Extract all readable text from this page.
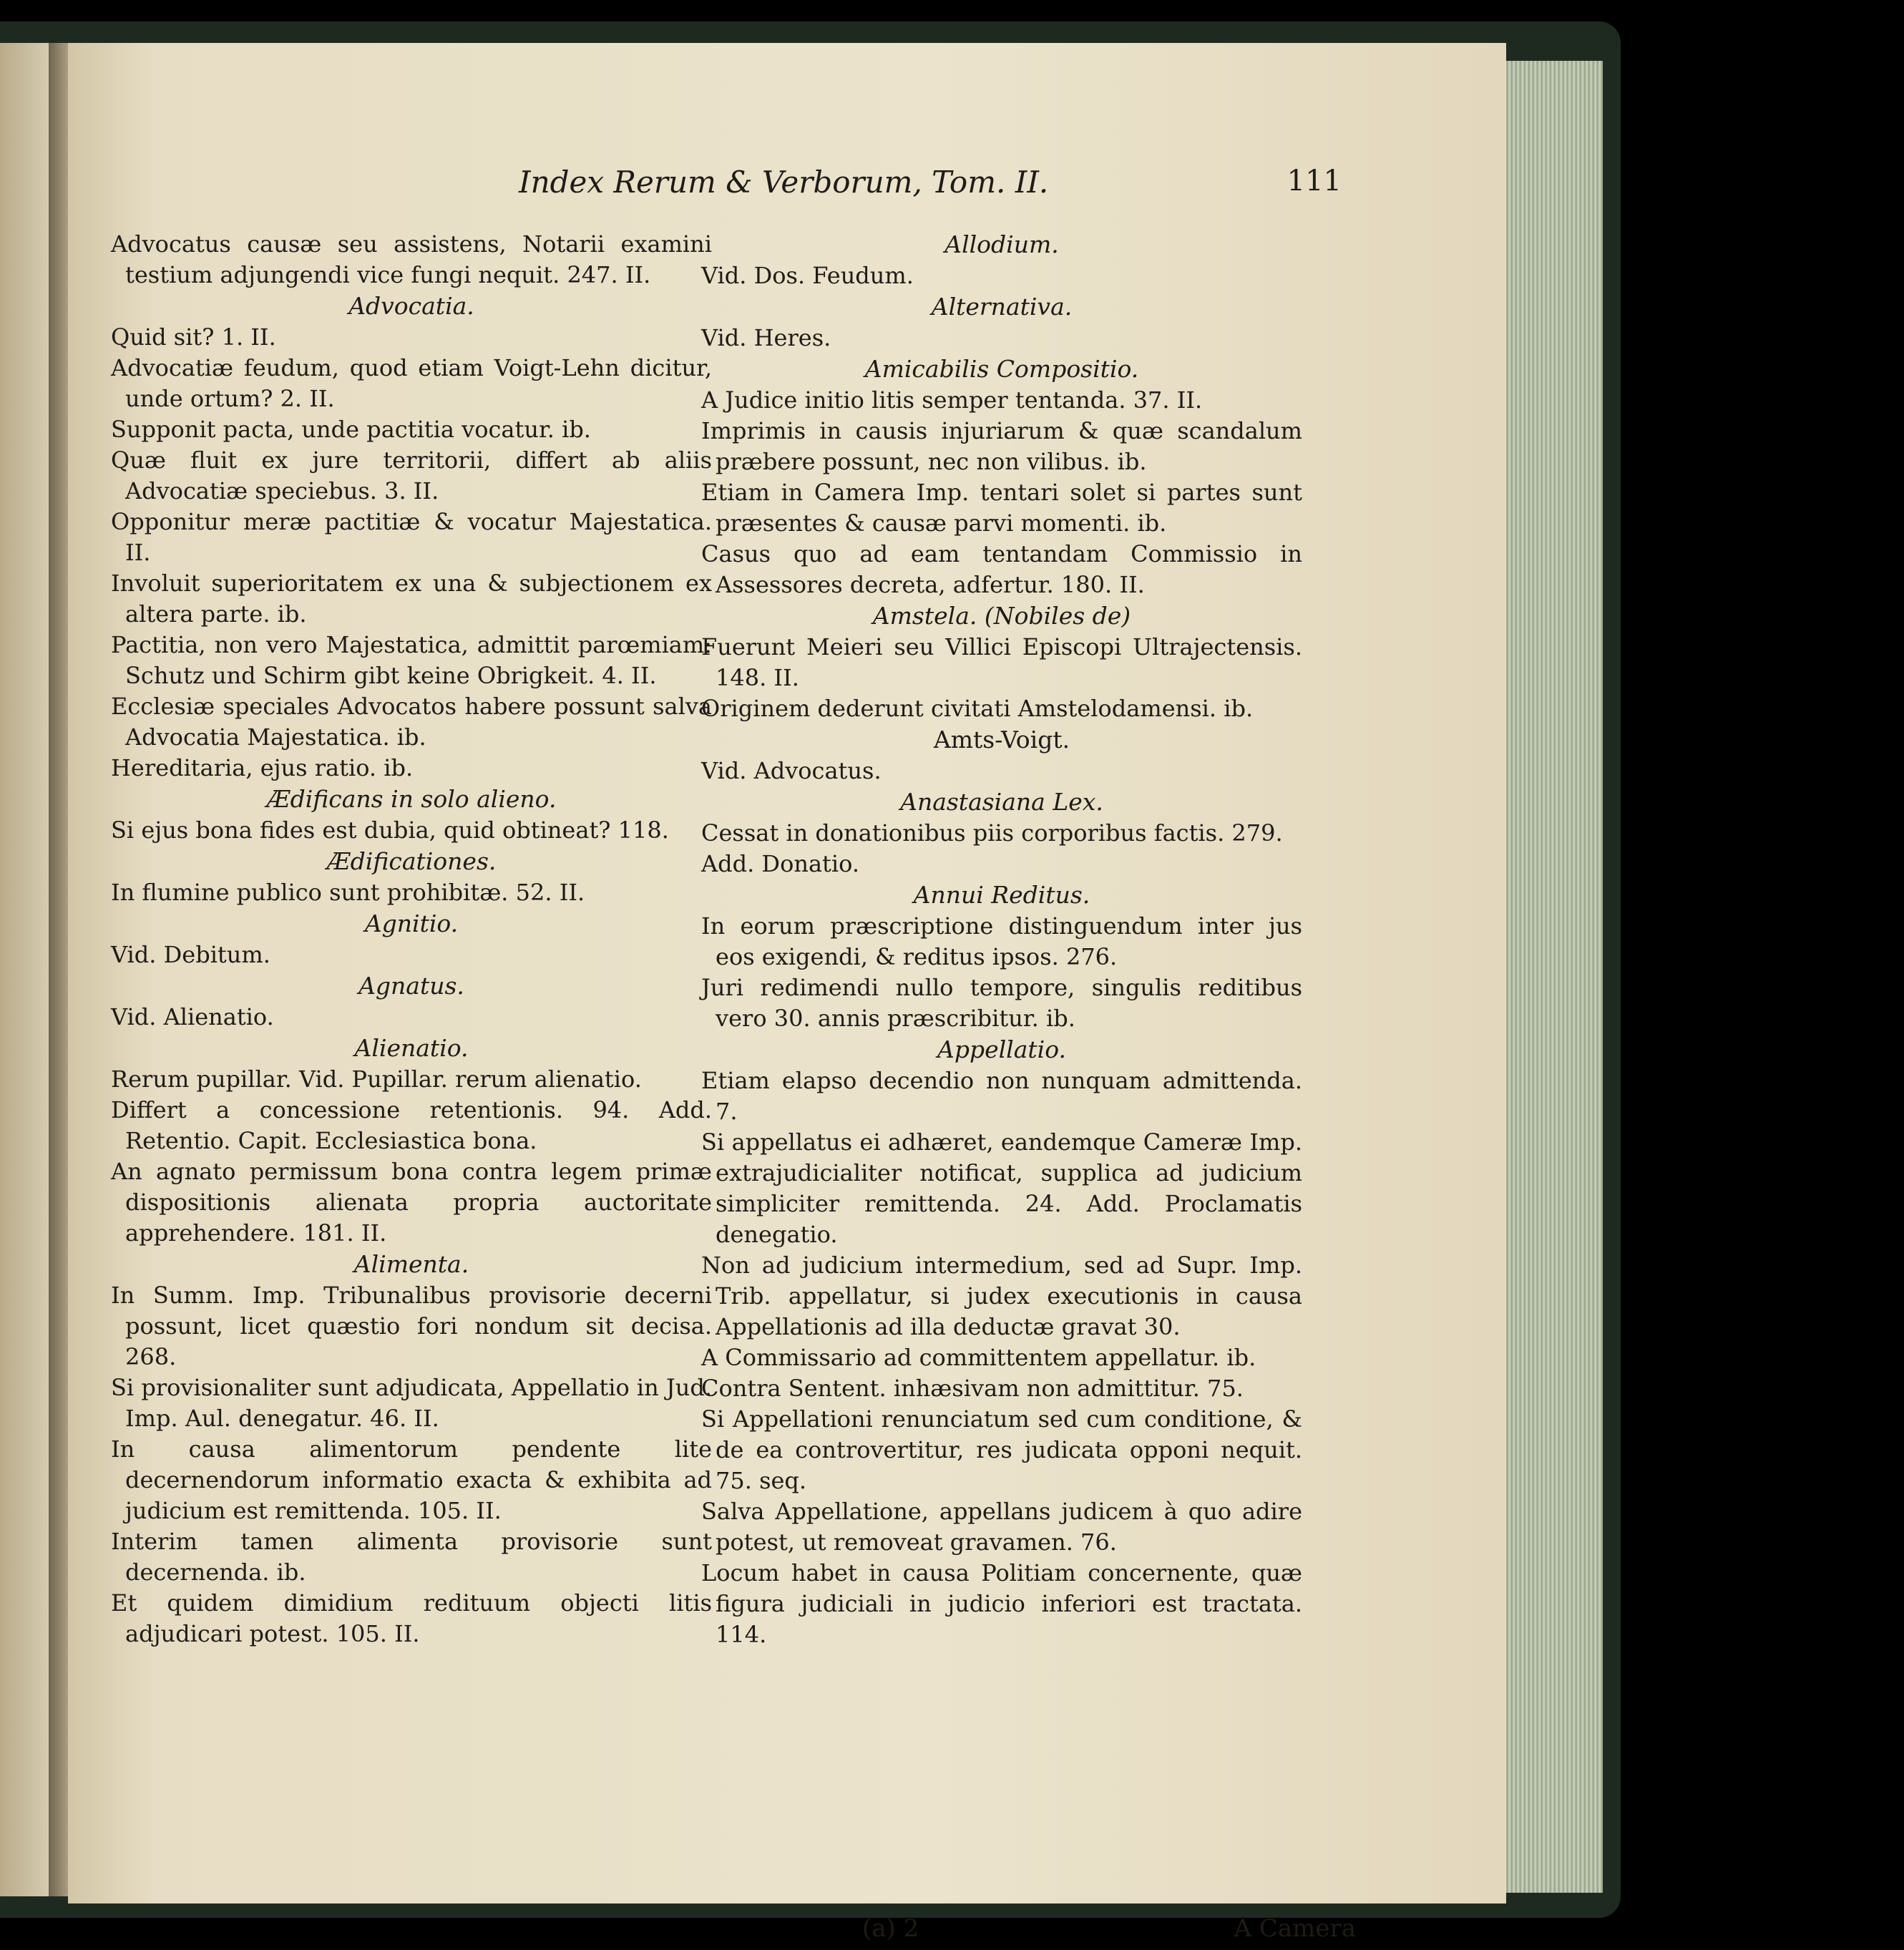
Index Rerum & Verborum, Tom. II.	111

Advocatus causæ seu assistens, Notarii examini testium adjungendi vice fungi nequit. 247. II.

Advocatia.

Quid sit? 1. II.

Advocatiæ feudum, quod etiam Voigt-Lehn dicitur, unde ortum? 2. II.

Supponit pacta, unde pactitia vocatur. ib.

Quæ fluit ex jure territorii, differt ab aliis Advocatiæ speciebus. 3. II.

Opponitur meræ pactitiæ & vocatur Majestatica. II.

Involuit superioritatem ex una & subjectionem ex altera parte. ib.

Pactitia, non vero Majestatica, admittit parœmiam: Schutz und Schirm gibt keine Obrigkeit. 4. II.

Ecclesiæ speciales Advocatos habere possunt salva Advocatia Majestatica. ib.

Hereditaria, ejus ratio. ib.

Ædificans in solo alieno.

Si ejus bona fides est dubia, quid obtineat? 118.

Ædificationes.

In flumine publico sunt prohibitæ. 52. II.

Agnitio.

Vid. Debitum.

Agnatus.

Vid. Alienatio.

Alienatio.

Rerum pupillar. Vid. Pupillar. rerum alienatio.

Differt a concessione retentionis. 94. Add. Retentio. Capit. Ecclesiastica bona.

An agnato permissum bona contra legem primæ dispositionis alienata propria auctoritate apprehendere. 181. II.

Alimenta.

In Summ. Imp. Tribunalibus provisorie decerni possunt, licet quæstio fori nondum sit decisa. 268.

Si provisionaliter sunt adjudicata, Appellatio in Jud. Imp. Aul. denegatur. 46. II.

In causa alimentorum pendente lite decernendorum informatio exacta & exhibita ad judicium est remittenda. 105. II.

Interim tamen alimenta provisorie sunt decernenda. ib.

Et quidem dimidium redituum objecti litis adjudicari potest. 105. II.

Allodium.

Vid. Dos. Feudum.

Alternativa.

Vid. Heres.

Amicabilis Compositio.

A Judice initio litis semper tentanda. 37. II.

Imprimis in causis injuriarum & quæ scandalum præbere possunt, nec non vilibus. ib.

Etiam in Camera Imp. tentari solet si partes sunt præsentes & causæ parvi momenti. ib.

Casus quo ad eam tentandam Commissio in Assessores decreta, adfertur. 180. II.

Amstela. (Nobiles de)

Fuerunt Meieri seu Villici Episcopi Ultrajectensis. 148. II.

Originem dederunt civitati Amstelodamensi. ib.

Amts-Voigt.

Vid. Advocatus.

Anastasiana Lex.

Cessat in donationibus piis corporibus factis. 279.

Add. Donatio.

Annui Reditus.

In eorum præscriptione distinguendum inter jus eos exigendi, & reditus ipsos. 276.

Juri redimendi nullo tempore, singulis reditibus vero 30. annis præscribitur. ib.

Appellatio.

Etiam elapso decendio non nunquam admittenda. 7.

Si appellatus ei adhæret, eandemque Cameræ Imp. extrajudicialiter notificat, supplica ad judicium simpliciter remittenda. 24. Add. Proclamatis denegatio.

Non ad judicium intermedium, sed ad Supr. Imp. Trib. appellatur, si judex executionis in causa Appellationis ad illa deductæ gravat 30.

A Commissario ad committentem appellatur. ib.

Contra Sentent. inhæsivam non admittitur. 75.

Si Appellationi renunciatum sed cum conditione, & de ea controvertitur, res judicata opponi nequit. 75. seq.

Salva Appellatione, appellans judicem à quo adire potest, ut removeat gravamen. 76.

Locum habet in causa Politiam concernente, quæ figura judiciali in judicio inferiori est tractata. 114.

(a) 2	A Camera
